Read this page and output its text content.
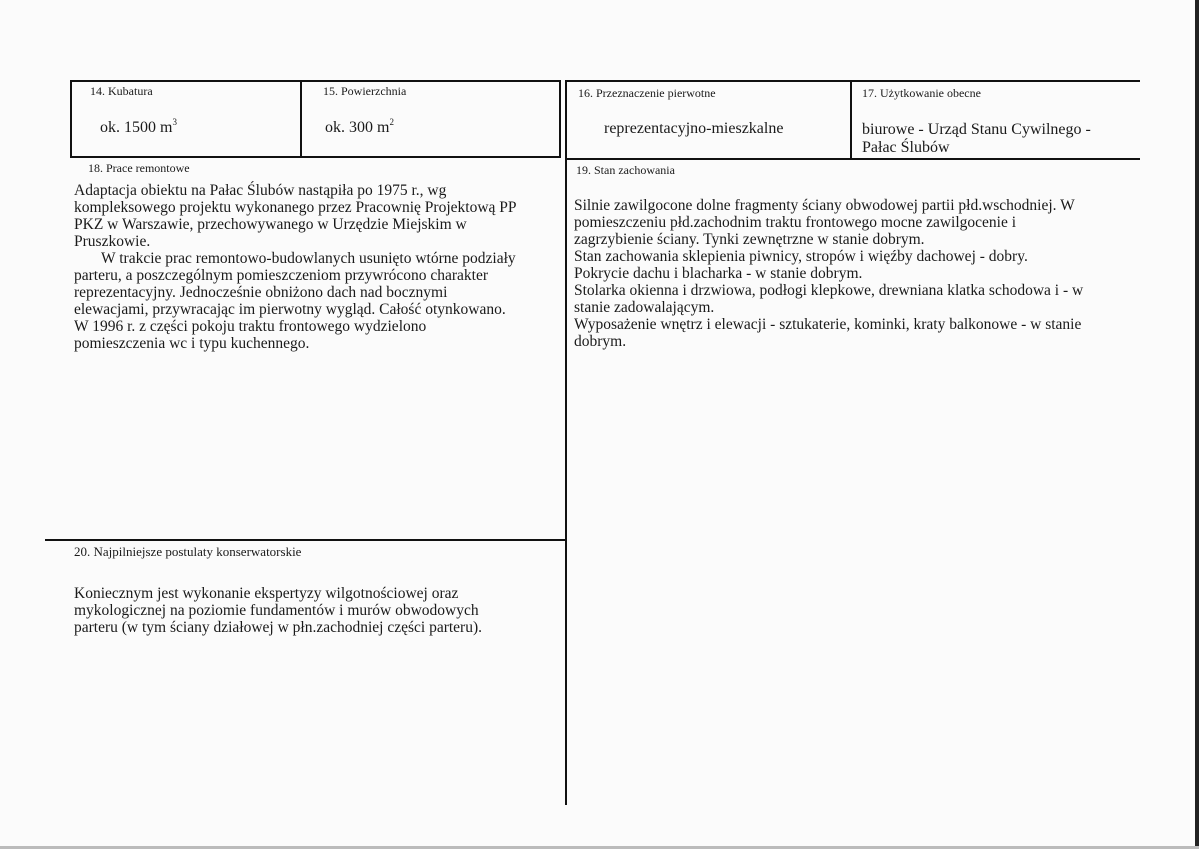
14. Kubatura
ok. 1500 $m^3$
15. Powierzchnia
ok. 300 $m^2$
16. Przeznaczenie pierwotne
reprezentacyjno-mieszkalne
17. Użytkowanie obecne
biurowe - Urząd Stanu Cywilnego -
Pałac Ślubów
18. Prace remontowe

Adaptacja obiektu na Pałac Ślubów nastąpiła po 1975 r., wg

kompleksowego projektu wykonanego przez Pracownię Projektową PP

PKZ w Warszawie, przechowywanego w Urzędzie Miejskim w

Pruszkowie.

W trakcie prac remontowo-budowlanych usunięto wtórne podziały

parteru, a poszczególnym pomieszczeniom przywrócono charakter

reprezentacyjny. Jednocześnie obniżono dach nad bocznymi

elewacjami, przywracając im pierwotny wygląd. Całość otynkowano.

W 1996 r. z części pokoju traktu frontowego wydzielono

pomieszczenia wc i typu kuchennego.

19. Stan zachowania

Silnie zawilgocone dolne fragmenty ściany obwodowej partii płd.wschodniej. W

pomieszczeniu płd.zachodnim traktu frontowego mocne zawilgocenie i

zagrzybienie ściany. Tynki zewnętrzne w stanie dobrym.

Stan zachowania sklepienia piwnicy, stropów i więźby dachowej - dobry.

Pokrycie dachu i blacharka - w stanie dobrym.

Stolarka okienna i drzwiowa, podłogi klepkowe, drewniana klatka schodowa i - w

stanie zadowalającym.

Wyposażenie wnętrz i elewacji - sztukaterie, kominki, kraty balkonowe - w stanie

dobrym.

20. Najpilniejsze postulaty konserwatorskie

Koniecznym jest wykonanie ekspertyzy wilgotnościowej oraz

mykologicznej na poziomie fundamentów i murów obwodowych

parteru (w tym ściany działowej w płn.zachodniej części parteru).
